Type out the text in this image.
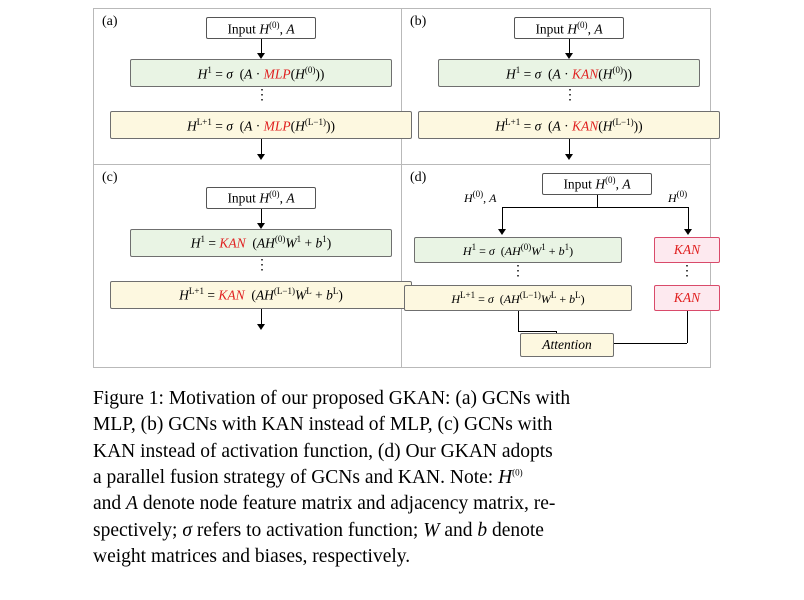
(a)	Input $H^{(0)}$, A
$H^1 = \sigma$  $(A \cdot MLP(H^{(0)}))$
⋮
$H^{L+1} = \sigma$  $(A \cdot MLP(H^{(L-1)}))$
(b)	Input $H^{(0)}$, A
$H^1 = \sigma$  $(A \cdot KAN(H^{(0)}))$
⋮
$H^{L+1} = \sigma$  $(A \cdot KAN(H^{(L-1)}))$
(c)
Input $H^{(0)}$, A
$H^1$ = KAN  $(AH^{(0)}W^1 + b^1)$
⋮
$H^{L+1}$ = KAN  $(AH^{(L-1)}W^L + b^L)$
(d)	Input $H^{(0)}$, A
$H^{(0)}$, A	$H^{(0)}$
$H^1 = \sigma$  $(AH^{(0)}W^1 + b^1)$
⋮
$H^{L+1} = \sigma$  $(AH^{(L-1)}W^L + b^L)$
KAN
⋮
KAN
Attention
Figure 1: Motivation of our proposed GKAN: (a) GCNs with
MLP, (b) GCNs with KAN instead of MLP, (c) GCNs with
KAN instead of activation function, (d) Our GKAN adopts
a parallel fusion strategy of GCNs and KAN. Note: $H^{(0)}$
and A denote node feature matrix and adjacency matrix, re-
spectively; σ refers to activation function; W and b denote
weight matrices and biases, respectively.
